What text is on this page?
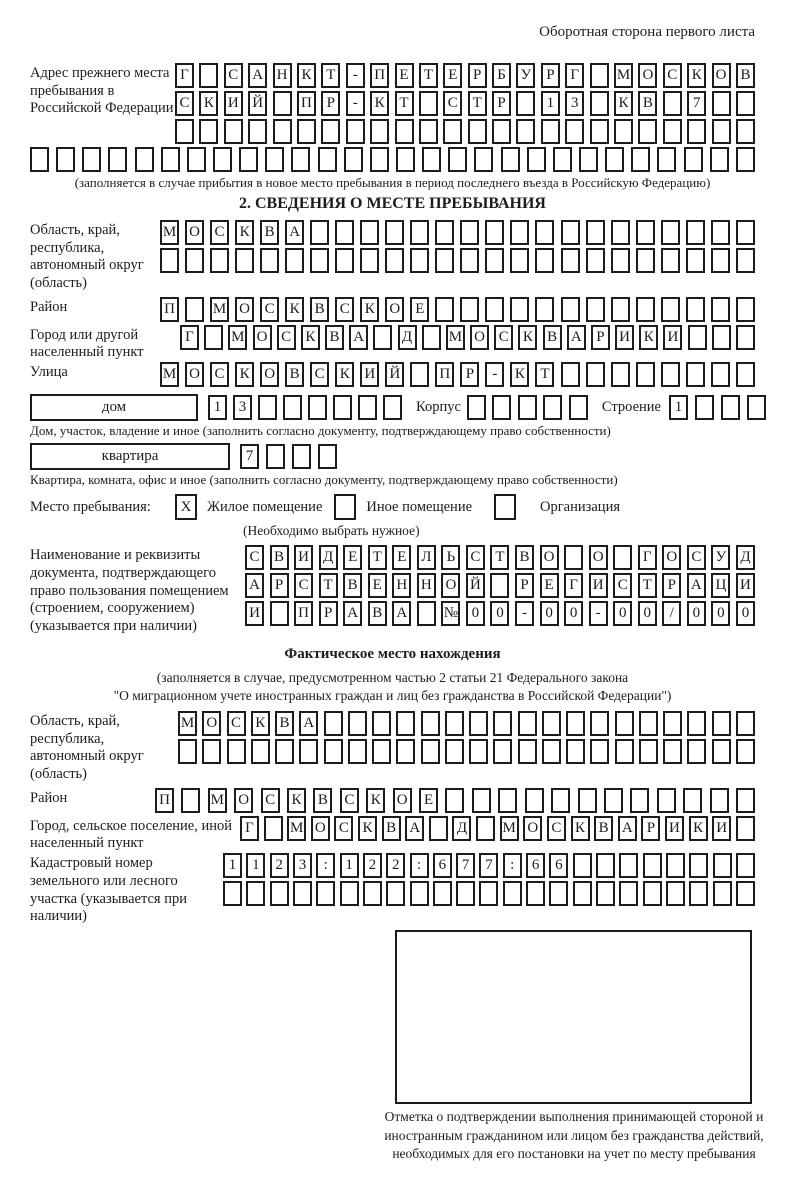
Оборотная сторона первого листа
Адрес прежнего места пребывания в Российской Федерации
Г	С А Н К Т	-	П Е	Т	Е	Р	Б У Р	Г	М О С К О В
С К И Й	П Р	-	К Т	С Т	Р	1	3	К В	7
(заполняется в случае прибытия в новое место пребывания в период последнего въезда в Российскую Федерацию)
2. СВЕДЕНИЯ О МЕСТЕ ПРЕБЫВАНИЯ
Область, край, республика, автономный округ (область)
М О С	К	В А
Район	П	М О С	К	В	С	К О	Е
Город или другой населенный пункт
Г	М О С К В А	Д М О С К В А Р И К И
Улица	М О С	К О В	С	К И Й	П	Р	-	К	Т
дом	1	3	Корпус	Строение 1
Дом, участок, владение и иное (заполнить согласно документу, подтверждающему право собственности)
квартира	7
Квартира, комната, офис и иное (заполнить согласно документу, подтверждающему право собственности)
Место пребывания:	X	Жилое помещение	Иное помещение	Организация
(Необходимо выбрать нужное)
Наименование и реквизиты документа, подтверждающего право пользования помещением (строением, сооружением) (указывается при наличии)
С В И Д Е	Т	Е Л	Ь	С Т В О	О	Г О С У Д
А Р	С Т В Е Н Н О Й	Р	Е	Г И С Т	Р А Ц И
И	П Р А В А № 0	0	-	0	0	-	0	0	/	0	0	0
Фактическое место нахождения
(заполняется в случае, предусмотренном частью 2 статьи 21 Федерального закона
"О миграционном учете иностранных граждан и лиц без гражданства в Российской Федерации")
Область, край, республика, автономный округ (область)
М О С К В А
Район	П	М О С	К	В	С	К	О	Е
Город, сельское поселение, иной населенный пункт
Г	М О С К В А Д М О С К В А Р И К И
Кадастровый номер земельного или лесного участка (указывается при наличии)
1	1	2	3	:	1	2	2	:	6	7	7	:	6	6
Отметка о подтверждении выполнения принимающей стороной и иностранным гражданином или лицом без гражданства действий, необходимых для его постановки на учет по месту пребывания
